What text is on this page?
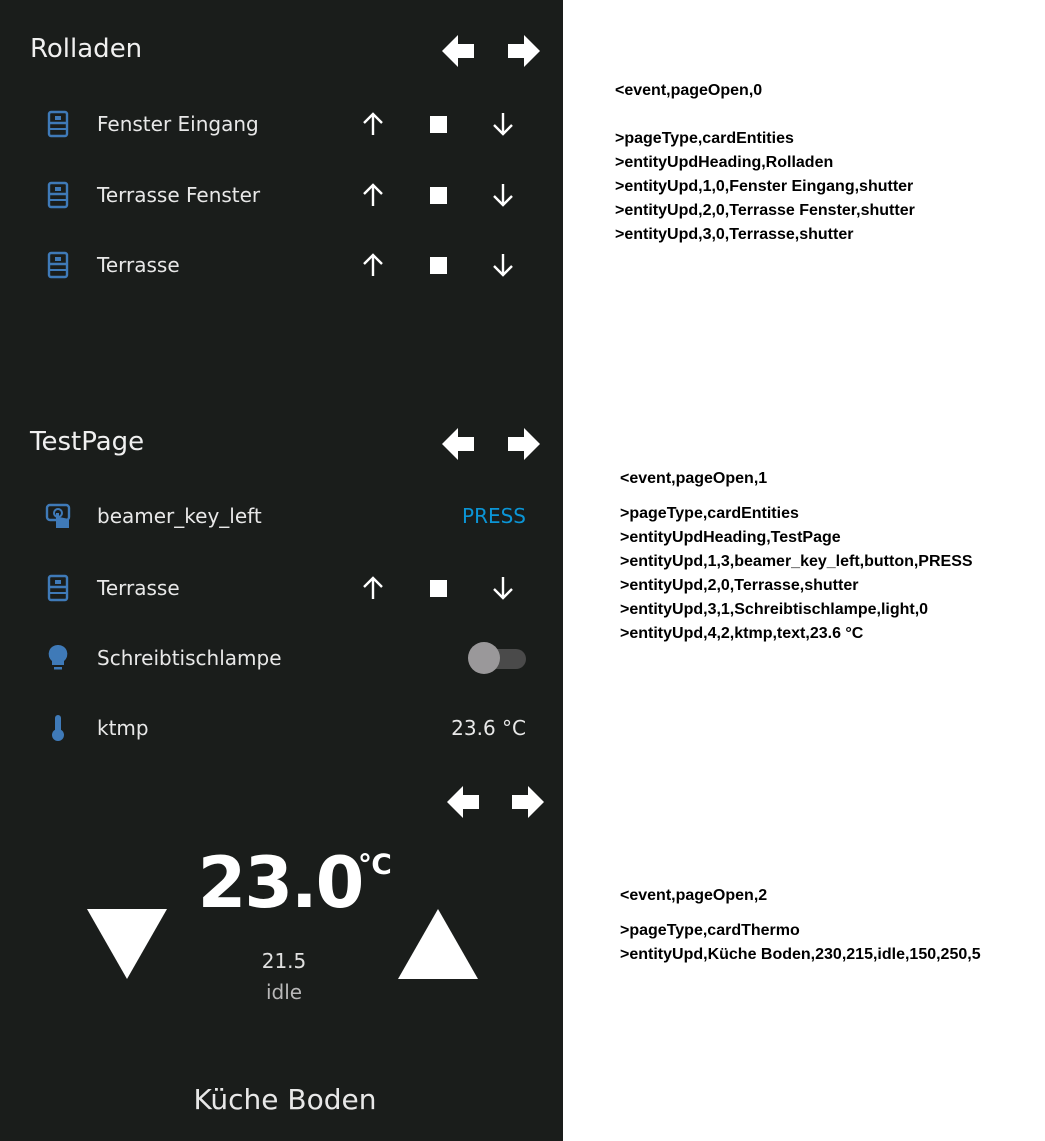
Rolladen
TestPage
Fenster Eingang
Terrasse Fenster
Terrasse
beamer_key_left	PRESS
Terrasse
Schreibtischlampe
ktmp	23.6 °C
23.0
℃
21.5
idle
Küche Boden
<event,pageOpen,0
>pageType,cardEntities
>entityUpdHeading,Rolladen
>entityUpd,1,0,Fenster Eingang,shutter
>entityUpd,2,0,Terrasse Fenster,shutter
>entityUpd,3,0,Terrasse,shutter
<event,pageOpen,1
>pageType,cardEntities
>entityUpdHeading,TestPage
>entityUpd,1,3,beamer_key_left,button,PRESS
>entityUpd,2,0,Terrasse,shutter
>entityUpd,3,1,Schreibtischlampe,light,0
>entityUpd,4,2,ktmp,text,23.6 °C
<event,pageOpen,2
>pageType,cardThermo
>entityUpd,Küche Boden,230,215,idle,150,250,5
